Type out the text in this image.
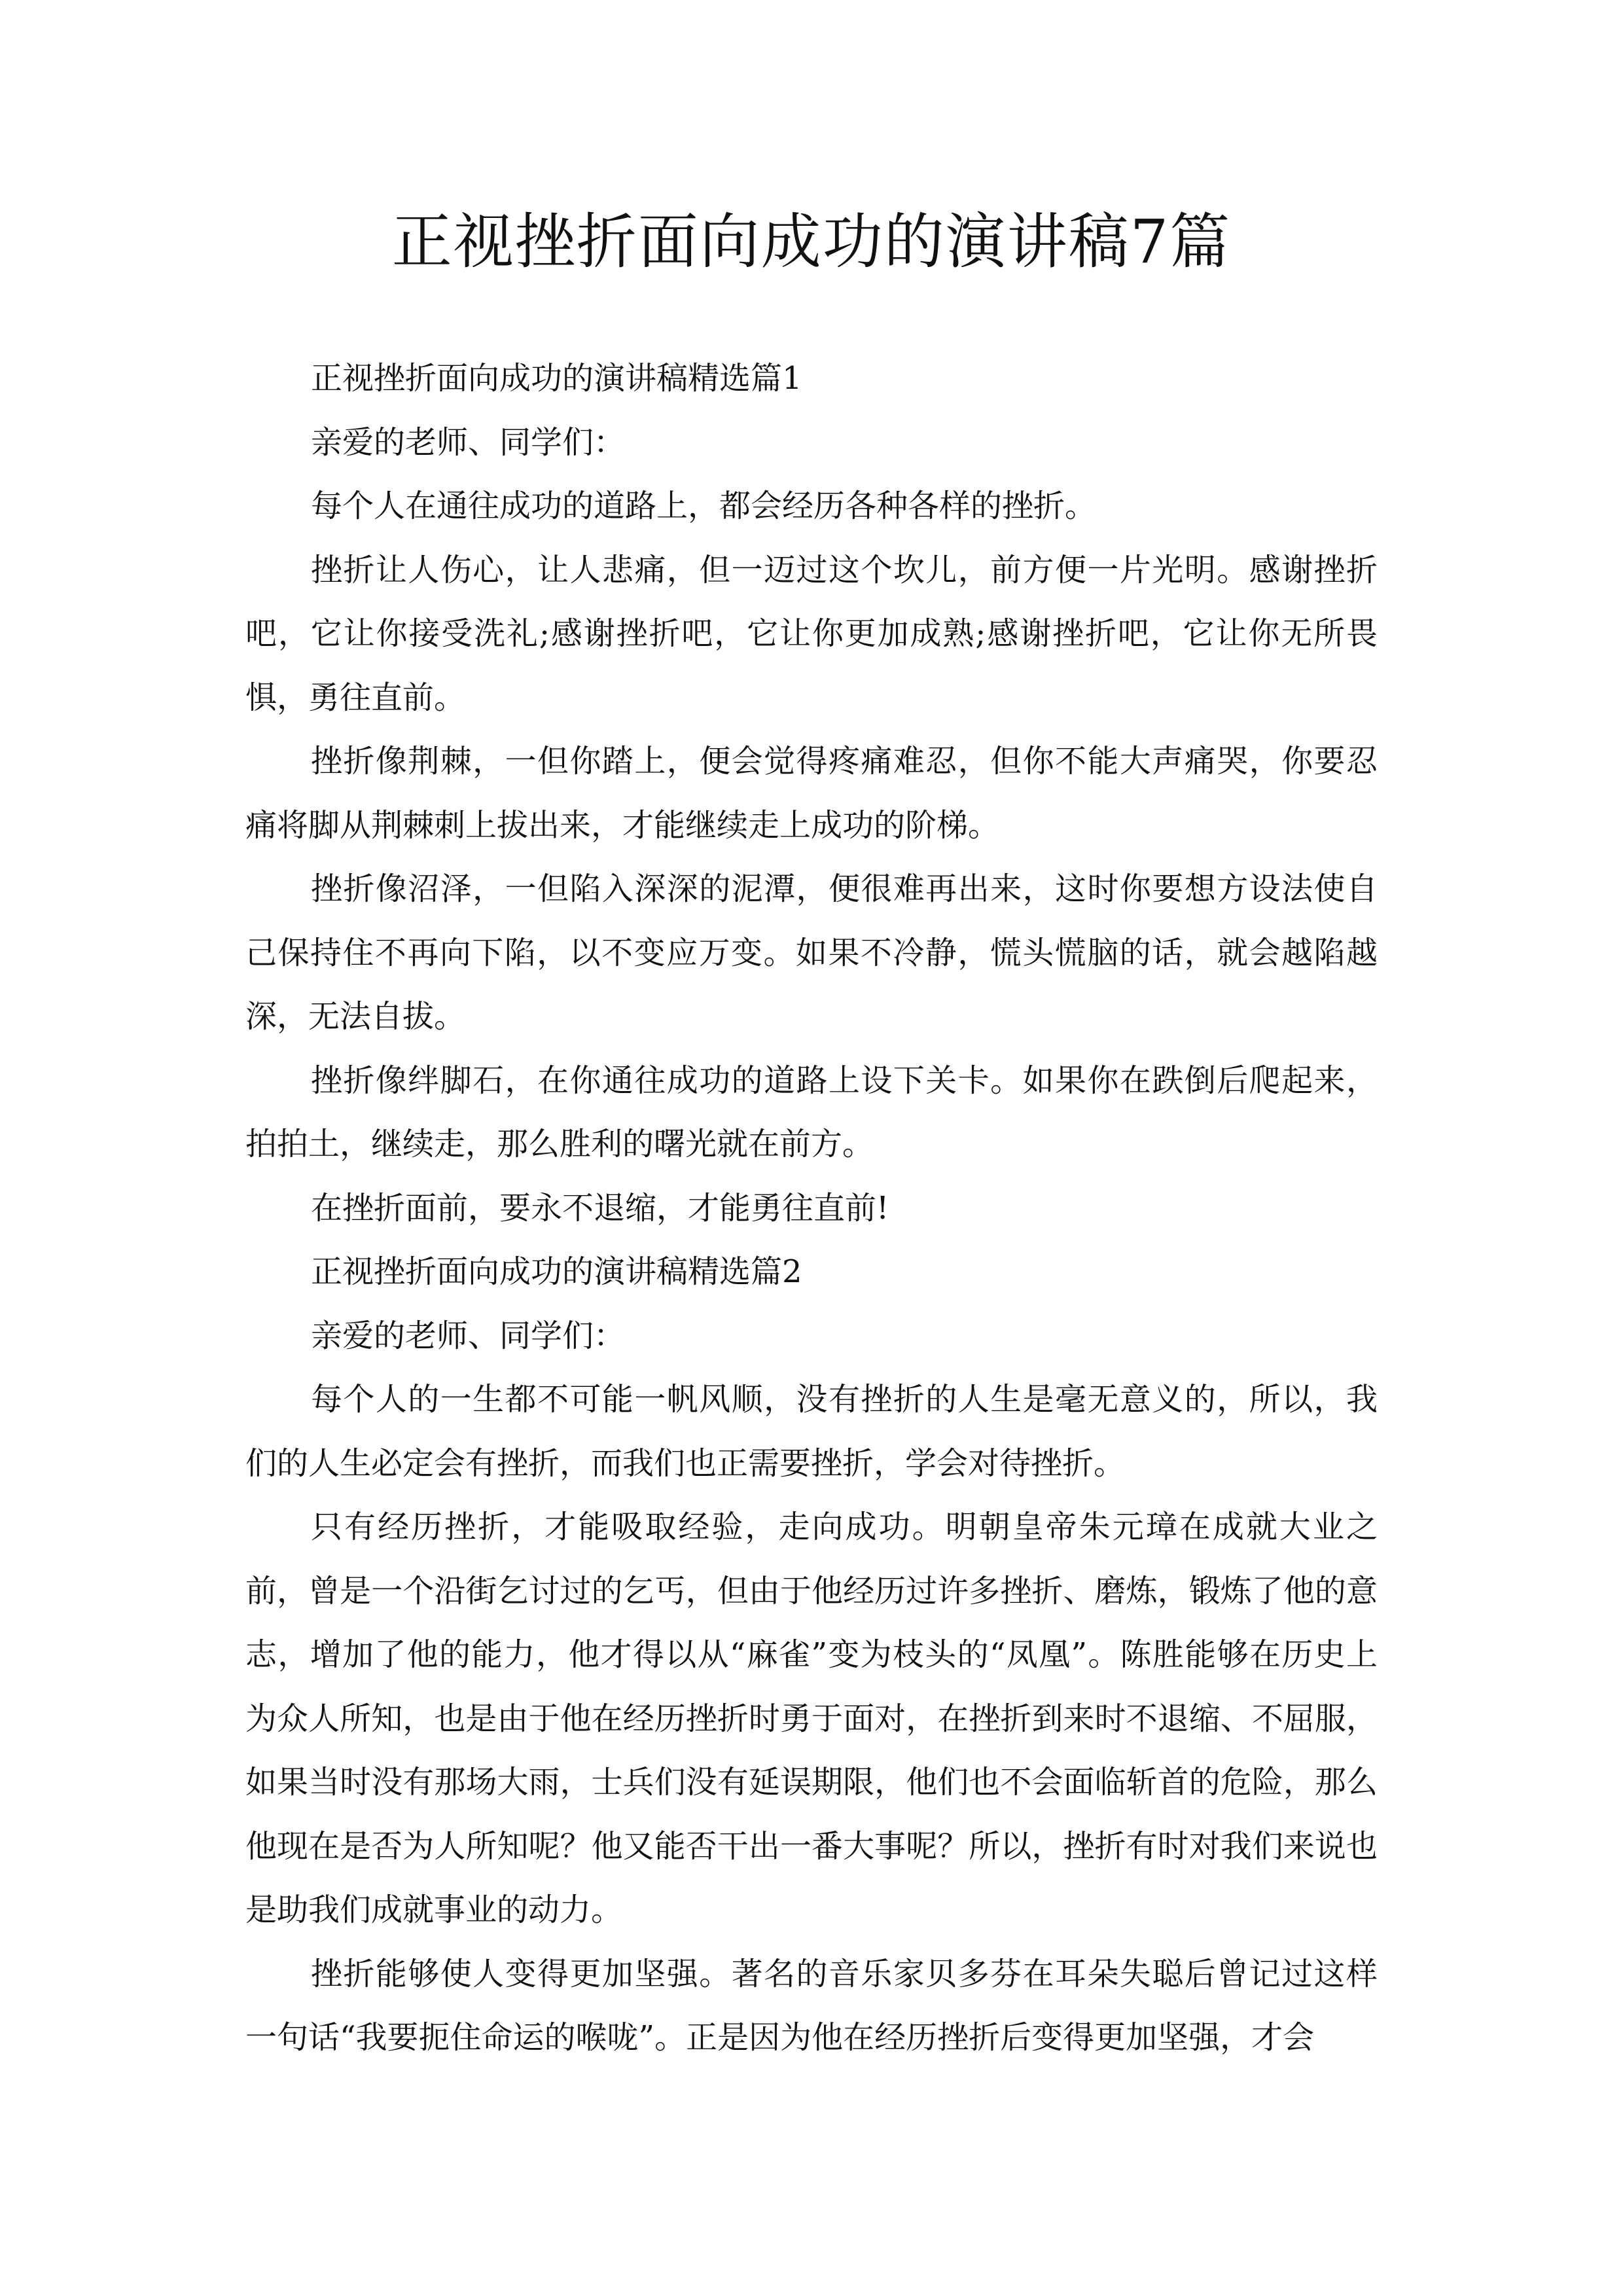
正视挫折面向成功的演讲稿7篇

正视挫折面向成功的演讲稿精选篇1

亲爱的老师、同学们：

每个人在通往成功的道路上，都会经历各种各样的挫折。

挫折让人伤心，让人悲痛，但一迈过这个坎儿，前方便一片光明。感谢挫折吧，它让你接受洗礼;感谢挫折吧，它让你更加成熟;感谢挫折吧，它让你无所畏惧，勇往直前。

挫折像荆棘，一但你踏上，便会觉得疼痛难忍，但你不能大声痛哭，你要忍痛将脚从荆棘刺上拔出来，才能继续走上成功的阶梯。

挫折像沼泽，一但陷入深深的泥潭，便很难再出来，这时你要想方设法使自己保持住不再向下陷，以不变应万变。如果不冷静，慌头慌脑的话，就会越陷越深，无法自拔。

挫折像绊脚石，在你通往成功的道路上设下关卡。如果你在跌倒后爬起来，拍拍土，继续走，那么胜利的曙光就在前方。

在挫折面前，要永不退缩，才能勇往直前!

正视挫折面向成功的演讲稿精选篇2

亲爱的老师、同学们：

每个人的一生都不可能一帆风顺，没有挫折的人生是毫无意义的，所以，我们的人生必定会有挫折，而我们也正需要挫折，学会对待挫折。

只有经历挫折，才能吸取经验，走向成功。明朝皇帝朱元璋在成就大业之前，曾是一个沿街乞讨过的乞丐，但由于他经历过许多挫折、磨炼，锻炼了他的意志，增加了他的能力，他才得以从“麻雀”变为枝头的“凤凰”。陈胜能够在历史上为众人所知，也是由于他在经历挫折时勇于面对，在挫折到来时不退缩、不屈服，如果当时没有那场大雨，士兵们没有延误期限，他们也不会面临斩首的危险，那么他现在是否为人所知呢？他又能否干出一番大事呢？所以，挫折有时对我们来说也是助我们成就事业的动力。

挫折能够使人变得更加坚强。著名的音乐家贝多芬在耳朵失聪后曾记过这样一句话“我要扼住命运的喉咙”。正是因为他在经历挫折后变得更加坚强，才会
